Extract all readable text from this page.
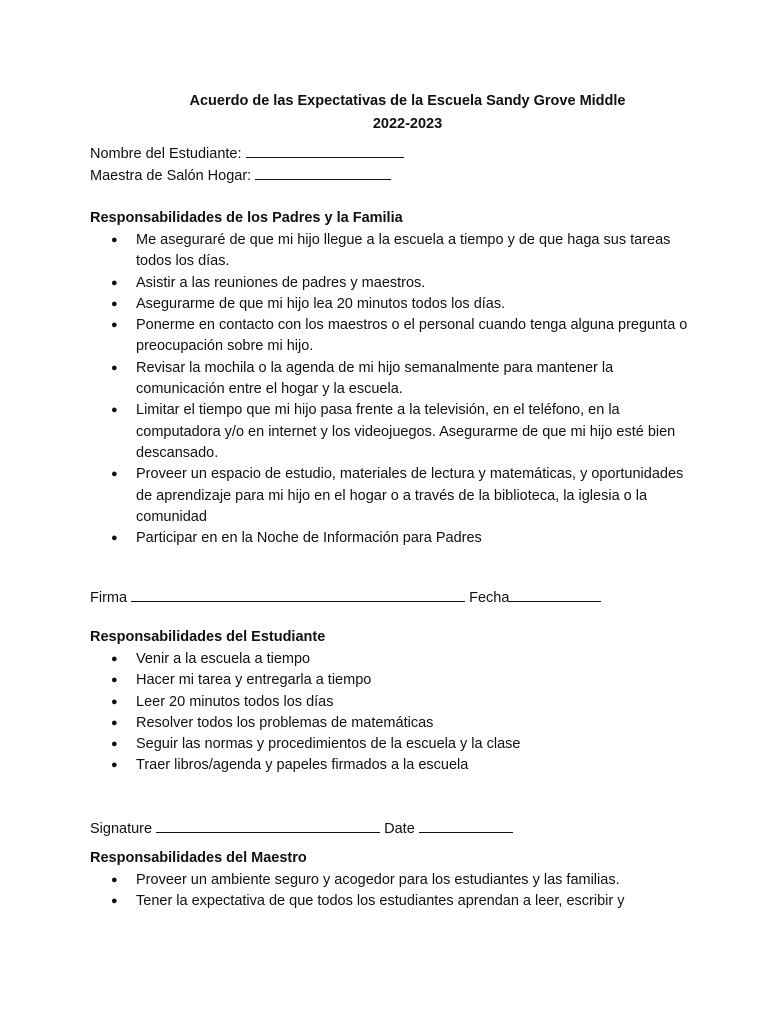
Acuerdo de las Expectativas de la Escuela Sandy Grove Middle
2022-2023
Nombre del Estudiante:
Maestra de Salón Hogar:
Responsabilidades de los Padres y la Familia
● Me aseguraré de que mi hijo llegue a la escuela a tiempo y de que haga sus tareas todos los días.
● Asistir a las reuniones de padres y maestros.
● Asegurarme de que mi hijo lea 20 minutos todos los días.
● Ponerme en contacto con los maestros o el personal cuando tenga alguna pregunta o preocupación sobre mi hijo.
● Revisar la mochila o la agenda de mi hijo semanalmente para mantener la comunicación entre el hogar y la escuela.
● Limitar el tiempo que mi hijo pasa frente a la televisión, en el teléfono, en la computadora y/o en internet y los videojuegos. Asegurarme de que mi hijo esté bien descansado.
● Proveer un espacio de estudio, materiales de lectura y matemáticas, y oportunidades de aprendizaje para mi hijo en el hogar o a través de la biblioteca, la iglesia o la comunidad
● Participar en en la Noche de Información para Padres
Firma	Fecha
Responsabilidades del Estudiante
● Venir a la escuela a tiempo
● Hacer mi tarea y entregarla a tiempo
● Leer 20 minutos todos los días
● Resolver todos los problemas de matemáticas
● Seguir las normas y procedimientos de la escuela y la clase
● Traer libros/agenda y papeles firmados a la escuela
Signature	Date
Responsabilidades del Maestro
● Proveer un ambiente seguro y acogedor para los estudiantes y las familias.
● Tener la expectativa de que todos los estudiantes aprendan a leer, escribir y
